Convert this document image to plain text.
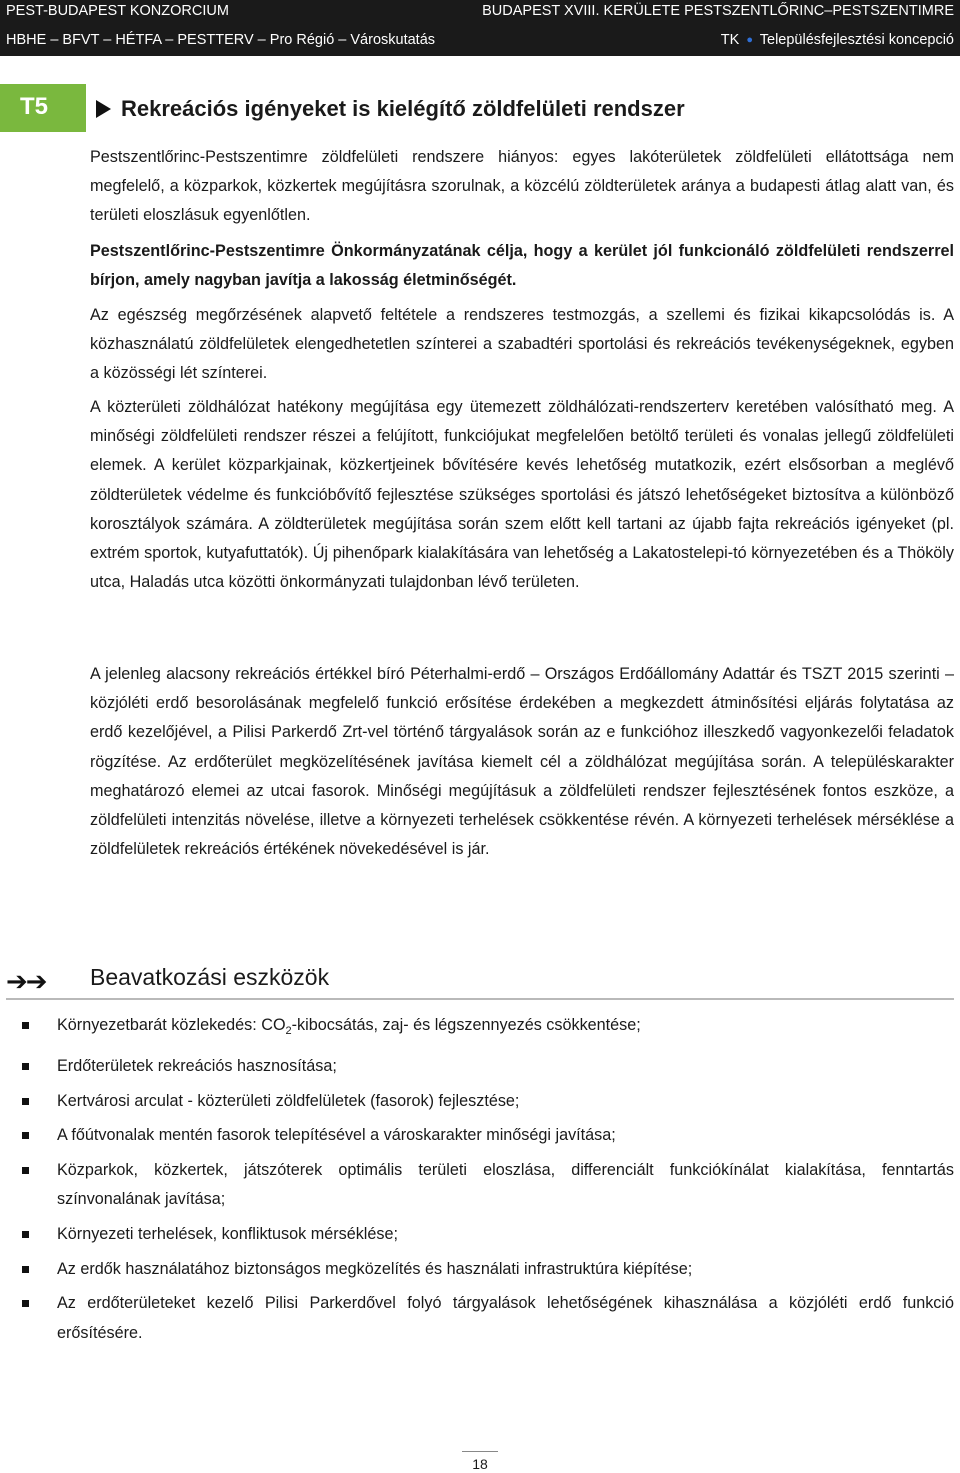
PEST-BUDAPEST KONZORCIUM	BUDAPEST XVIII. KERÜLETE PESTSZENTLŐRINC–PESTSZENTIMRE
HBHE – BFVT – HÉTFA – PESTTERV – Pro Régió – Városkutatás	TK ● Településfejlesztési koncepció
T5	Rekreációs igényeket is kielégítő zöldfelületi rendszer

Pestszentlőrinc-Pestszentimre zöldfelületi rendszere hiányos: egyes lakóterületek zöldfelületi ellátottsága nem megfelelő, a közparkok, közkertek megújításra szorulnak, a közcélú zöldterületek aránya a budapesti átlag alatt van, és területi eloszlásuk egyenlőtlen.

Pestszentlőrinc-Pestszentimre Önkormányzatának célja, hogy a kerület jól funkcionáló zöldfelületi rendszerrel bírjon, amely nagyban javítja a lakosság életminőségét.

Az egészség megőrzésének alapvető feltétele a rendszeres testmozgás, a szellemi és fizikai kikapcsolódás is. A közhasználatú zöldfelületek elengedhetetlen színterei a szabadtéri sportolási és rekreációs tevékenységeknek, egyben a közösségi lét színterei.

A közterületi zöldhálózat hatékony megújítása egy ütemezett zöldhálózati-rendszerterv keretében valósítható meg. A minőségi zöldfelületi rendszer részei a felújított, funkciójukat megfelelően betöltő területi és vonalas jellegű zöldfelületi elemek. A kerület közparkjainak, közkertjeinek bővítésére kevés lehetőség mutatkozik, ezért elsősorban a meglévő zöldterületek védelme és funkcióbővítő fejlesztése szükséges sportolási és játszó lehetőségeket biztosítva a különböző korosztályok számára. A zöldterületek megújítása során szem előtt kell tartani az újabb fajta rekreációs igényeket (pl. extrém sportok, kutyafuttatók). Új pihenőpark kialakítására van lehetőség a Lakatostelepi-tó környezetében és a Thököly utca, Haladás utca közötti önkormányzati tulajdonban lévő területen.

A jelenleg alacsony rekreációs értékkel bíró Péterhalmi-erdő – Országos Erdőállomány Adattár és TSZT 2015 szerinti – közjóléti erdő besorolásának megfelelő funkció erősítése érdekében a megkezdett átminősítési eljárás folytatása az erdő kezelőjével, a Pilisi Parkerdő Zrt-vel történő tárgyalások során az e funkcióhoz illeszkedő vagyonkezelői feladatok rögzítése. Az erdőterület megközelítésének javítása kiemelt cél a zöldhálózat megújítása során. A településkarakter meghatározó elemei az utcai fasorok. Minőségi megújításuk a zöldfelületi rendszer fejlesztésének fontos eszköze, a zöldfelületi intenzitás növelése, illetve a környezeti terhelések csökkentése révén. A környezeti terhelések mérséklése a zöldfelületek rekreációs értékének növekedésével is jár.

➔➔ Beavatkozási eszközök
Környezetbarát közlekedés: $CO_2$-kibocsátás, zaj- és légszennyezés csökkentése;
Erdőterületek rekreációs hasznosítása;
Kertvárosi arculat - közterületi zöldfelületek (fasorok) fejlesztése;
A főútvonalak mentén fasorok telepítésével a városkarakter minőségi javítása;
Közparkok, közkertek, játszóterek optimális területi eloszlása, differenciált funkciókínálat kialakítása, fenntartás színvonalának javítása;
Környezeti terhelések, konfliktusok mérséklése;
Az erdők használatához biztonságos megközelítés és használati infrastruktúra kiépítése;
Az erdőterületeket kezelő Pilisi Parkerdővel folyó tárgyalások lehetőségének kihasználása a közjóléti erdő funkció erősítésére.
18
